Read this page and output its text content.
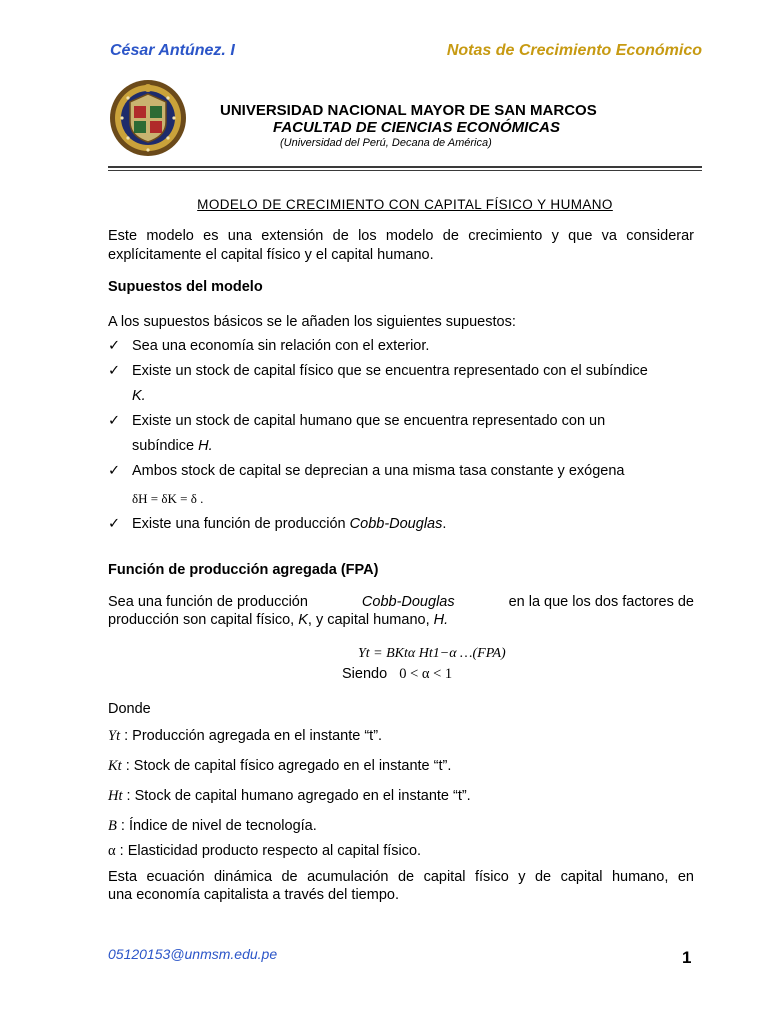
César Antúnez. I	Notas de Crecimiento Económico
UNIVERSIDAD NACIONAL MAYOR DE SAN MARCOS
FACULTAD DE CIENCIAS ECONÓMICAS
(Universidad del Perú, Decana de América)
MODELO DE CRECIMIENTO CON CAPITAL FÍSICO Y HUMANO
Este modelo es una extensión de los modelo de crecimiento y que va considerar
explícitamente el capital físico y el capital humano.
Supuestos del modelo
A los supuestos básicos se le añaden los siguientes supuestos:
✓ Sea una economía sin relación con el exterior.
✓ Existe un stock de capital físico que se encuentra representado con el subíndice
K.
✓ Existe un stock de capital humano que se encuentra representado con un
subíndice H.
✓ Ambos stock de capital se deprecian a una misma tasa constante y exógena
δH = δK = δ .
✓ Existe una función de producción Cobb-Douglas.
Función de producción agregada (FPA)
Sea una función de producción	Cobb-Douglas	en la que los dos factores de
producción son capital físico, K, y capital humano, H.
Yt = BKtα Ht1−α …(FPA)
Siendo 0 < α < 1
Donde
Yt : Producción agregada en el instante “t”.
Kt : Stock de capital físico agregado en el instante “t”.
Ht : Stock de capital humano agregado en el instante “t”.
B : Índice de nivel de tecnología.
α : Elasticidad producto respecto al capital físico.
Esta ecuación dinámica de acumulación de capital físico y de capital humano, en
una economía capitalista a través del tiempo.
05120153@unmsm.edu.pe	1
